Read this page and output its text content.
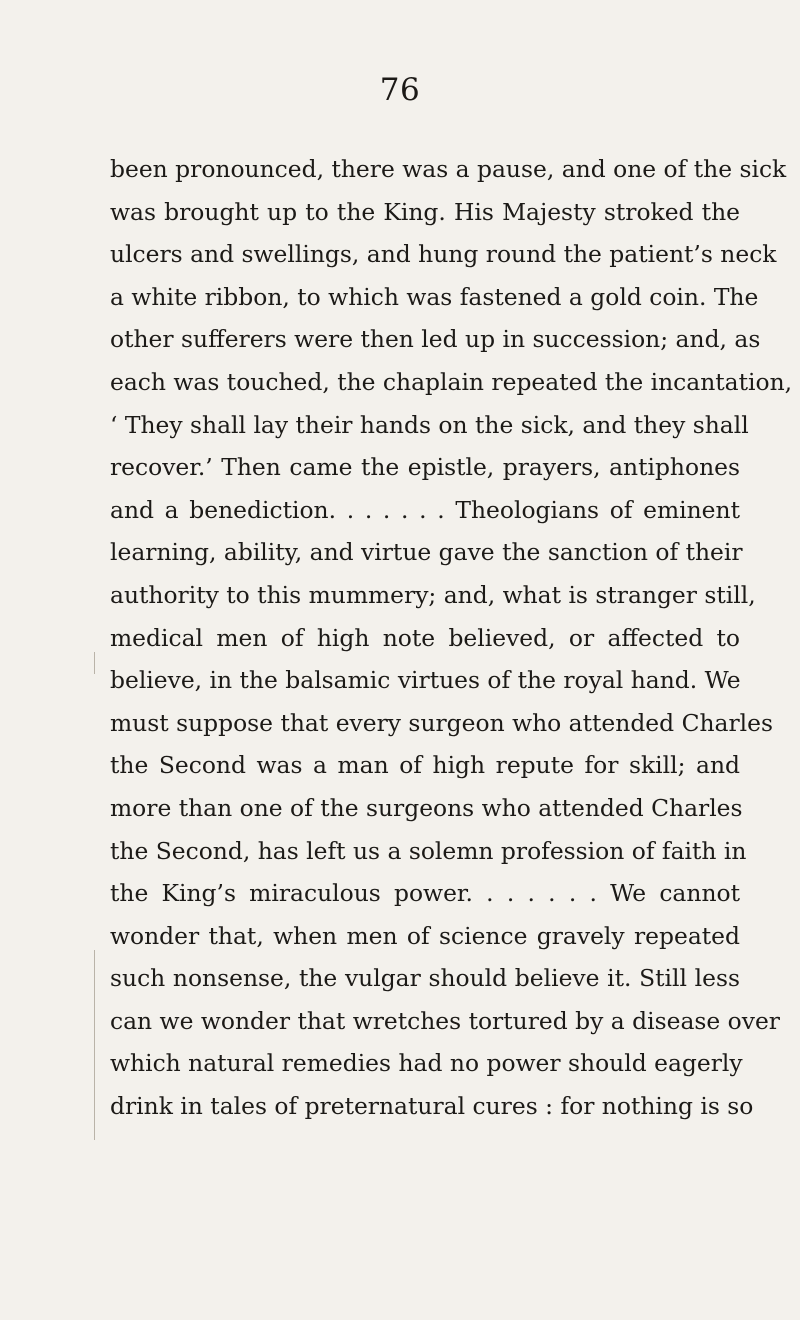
76
been pronounced, there was a pause, and one of the sick
was brought up to the King. His Majesty stroked the
ulcers and swellings, and hung round the patient’s neck
a white ribbon, to which was fastened a gold coin. The
other sufferers were then led up in succession; and, as
each was touched, the chaplain repeated the incantation,
‘ They shall lay their hands on the sick, and they shall
recover.’ Then came the epistle, prayers, antiphones
and a benediction. . . . . . . Theologians of eminent
learning, ability, and virtue gave the sanction of their
authority to this mummery; and, what is stranger still,
medical men of high note believed, or affected to
believe, in the balsamic virtues of the royal hand. We
must suppose that every surgeon who attended Charles
the Second was a man of high repute for skill; and
more than one of the surgeons who attended Charles
the Second, has left us a solemn profession of faith in
the King’s miraculous power. . . . . . . We cannot
wonder that, when men of science gravely repeated
such nonsense, the vulgar should believe it. Still less
can we wonder that wretches tortured by a disease over
which natural remedies had no power should eagerly
drink in tales of preternatural cures : for nothing is so
